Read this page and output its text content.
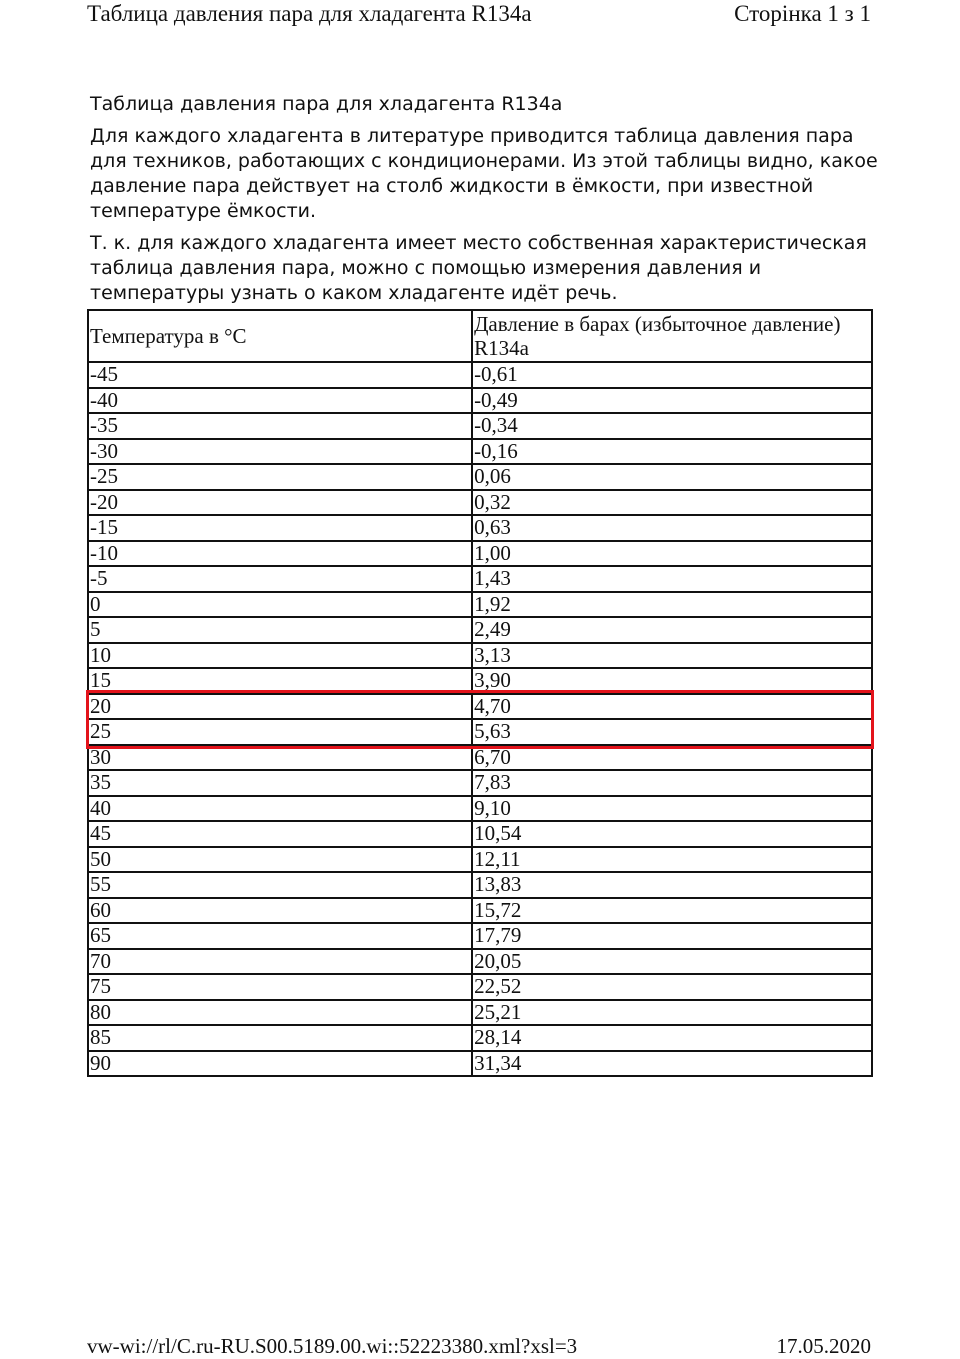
Таблица давления пара для хладагента R134a	Сторінка 1 з 1
Таблица давления пара для хладагента R134a

Для каждого хладагента в литературе приводится таблица давления пара для техников, работающих с кондиционерами. Из этой таблицы видно, какое давление пара действует на столб жидкости в ёмкости, при известной температуре ёмкости.

Т. к. для каждого хладагента имеет место собственная характеристическая таблица давления пара, можно с помощью измерения давления и температуры узнать о каком хладагенте идёт речь.

Температура в °C	Давление в барах (избыточное давление) R134a
-45	-0,61
-40	-0,49
-35	-0,34
-30	-0,16
-25	0,06
-20	0,32
-15	0,63
-10	1,00
-5	1,43
0	1,92
5	2,49
10	3,13
15	3,90
20	4,70
25	5,63
30	6,70
35	7,83
40	9,10
45	10,54
50	12,11
55	13,83
60	15,72
65	17,79
70	20,05
75	22,52
80	25,21
85	28,14
90	31,34
vw-wi://rl/C.ru-RU.S00.5189.00.wi::52223380.xml?xsl=3	17.05.2020
